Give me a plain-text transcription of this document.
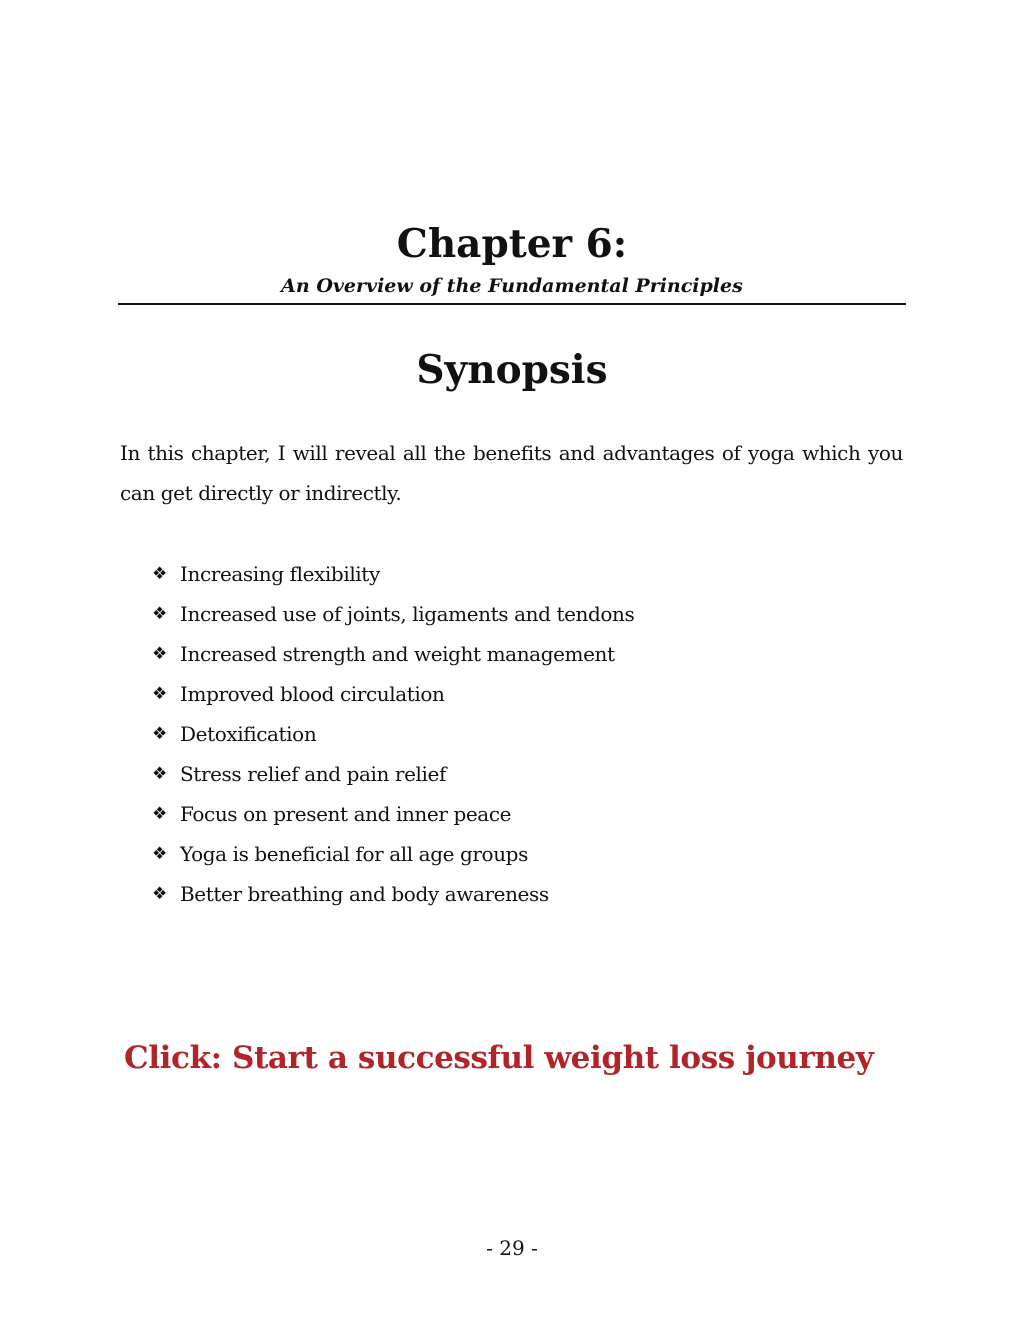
Chapter 6:

An Overview of the Fundamental Principles

Synopsis

In this chapter, I will reveal all the benefits and advantages of yoga which you can get directly or indirectly.

❖ Increasing flexibility
❖ Increased use of joints, ligaments and tendons
❖ Increased strength and weight management
❖ Improved blood circulation
❖ Detoxification
❖ Stress relief and pain relief
❖ Focus on present and inner peace
❖ Yoga is beneficial for all age groups
❖ Better breathing and body awareness
Click: Start a successful weight loss journey
- 29 -
